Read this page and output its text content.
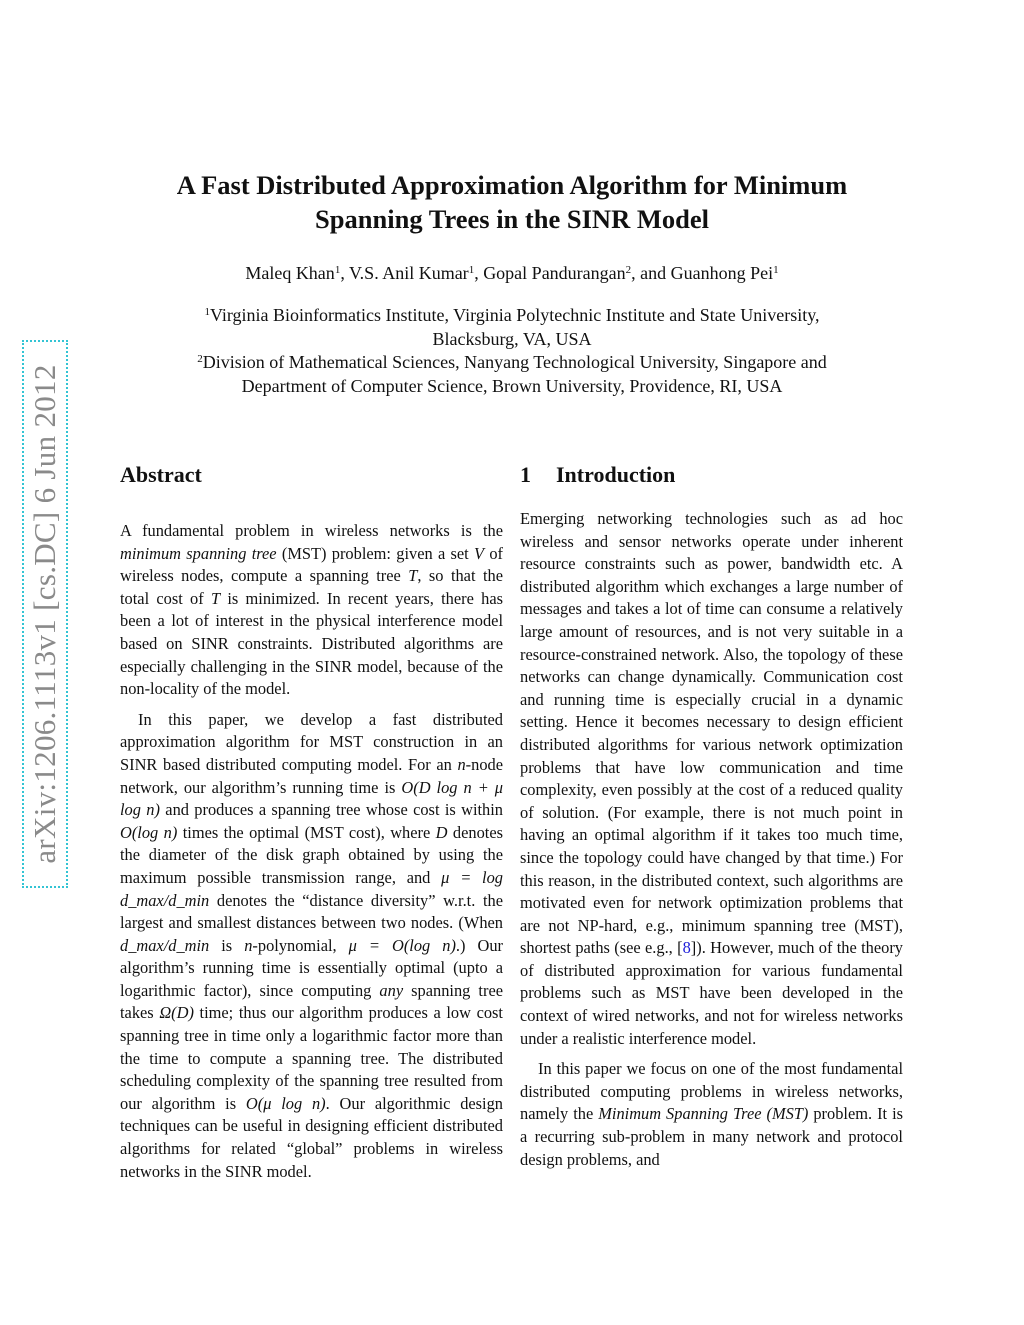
A Fast Distributed Approximation Algorithm for Minimum
Spanning Trees in the SINR Model
Maleq Khan$^1$, V.S. Anil Kumar$^1$, Gopal Pandurangan$^2$, and Guanhong Pei$^1$
$^1$Virginia Bioinformatics Institute, Virginia Polytechnic Institute and State University,
Blacksburg, VA, USA
$^2$Division of Mathematical Sciences, Nanyang Technological University, Singapore and
Department of Computer Science, Brown University, Providence, RI, USA
arXiv:1206.1113v1 [cs.DC] 6 Jun 2012	Abstract

A fundamental problem in wireless networks is the minimum spanning tree (MST) problem: given a set V of wireless nodes, compute a spanning tree T, so that the total cost of T is minimized. In recent years, there has been a lot of interest in the physical interference model based on SINR constraints. Distributed algorithms are especially challenging in the SINR model, because of the non-locality of the model.

In this paper, we develop a fast distributed approximation algorithm for MST construction in an SINR based distributed computing model. For an n-node network, our algorithm’s running time is O(D log n + μ log n) and produces a spanning tree whose cost is within O(log n) times the optimal (MST cost), where D denotes the diameter of the disk graph obtained by using the maximum possible transmission range, and μ = log d_max/d_min denotes the “distance diversity” w.r.t. the largest and smallest distances between two nodes. (When d_max/d_min is n-polynomial, μ = O(log n).) Our algorithm’s running time is essentially optimal (upto a logarithmic factor), since computing any spanning tree takes Ω(D) time; thus our algorithm produces a low cost spanning tree in time only a logarithmic factor more than the time to compute a spanning tree. The distributed scheduling complexity of the spanning tree resulted from our algorithm is O(μ log n). Our algorithmic design techniques can be useful in designing efficient distributed algorithms for related “global” problems in wireless networks in the SINR model.

1 Introduction

Emerging networking technologies such as ad hoc wireless and sensor networks operate under inherent resource constraints such as power, bandwidth etc. A distributed algorithm which exchanges a large number of messages and takes a lot of time can consume a relatively large amount of resources, and is not very suitable in a resource-constrained network. Also, the topology of these networks can change dynamically. Communication cost and running time is especially crucial in a dynamic setting. Hence it becomes necessary to design efficient distributed algorithms for various network optimization problems that have low communication and time complexity, even possibly at the cost of a reduced quality of solution. (For example, there is not much point in having an optimal algorithm if it takes too much time, since the topology could have changed by that time.) For this reason, in the distributed context, such algorithms are motivated even for network optimization problems that are not NP-hard, e.g., minimum spanning tree (MST), shortest paths (see e.g., [8]). However, much of the theory of distributed approximation for various fundamental problems such as MST have been developed in the context of wired networks, and not for wireless networks under a realistic interference model.

In this paper we focus on one of the most fundamental distributed computing problems in wireless networks, namely the Minimum Spanning Tree (MST) problem. It is a recurring sub-problem in many network and protocol design problems, and
